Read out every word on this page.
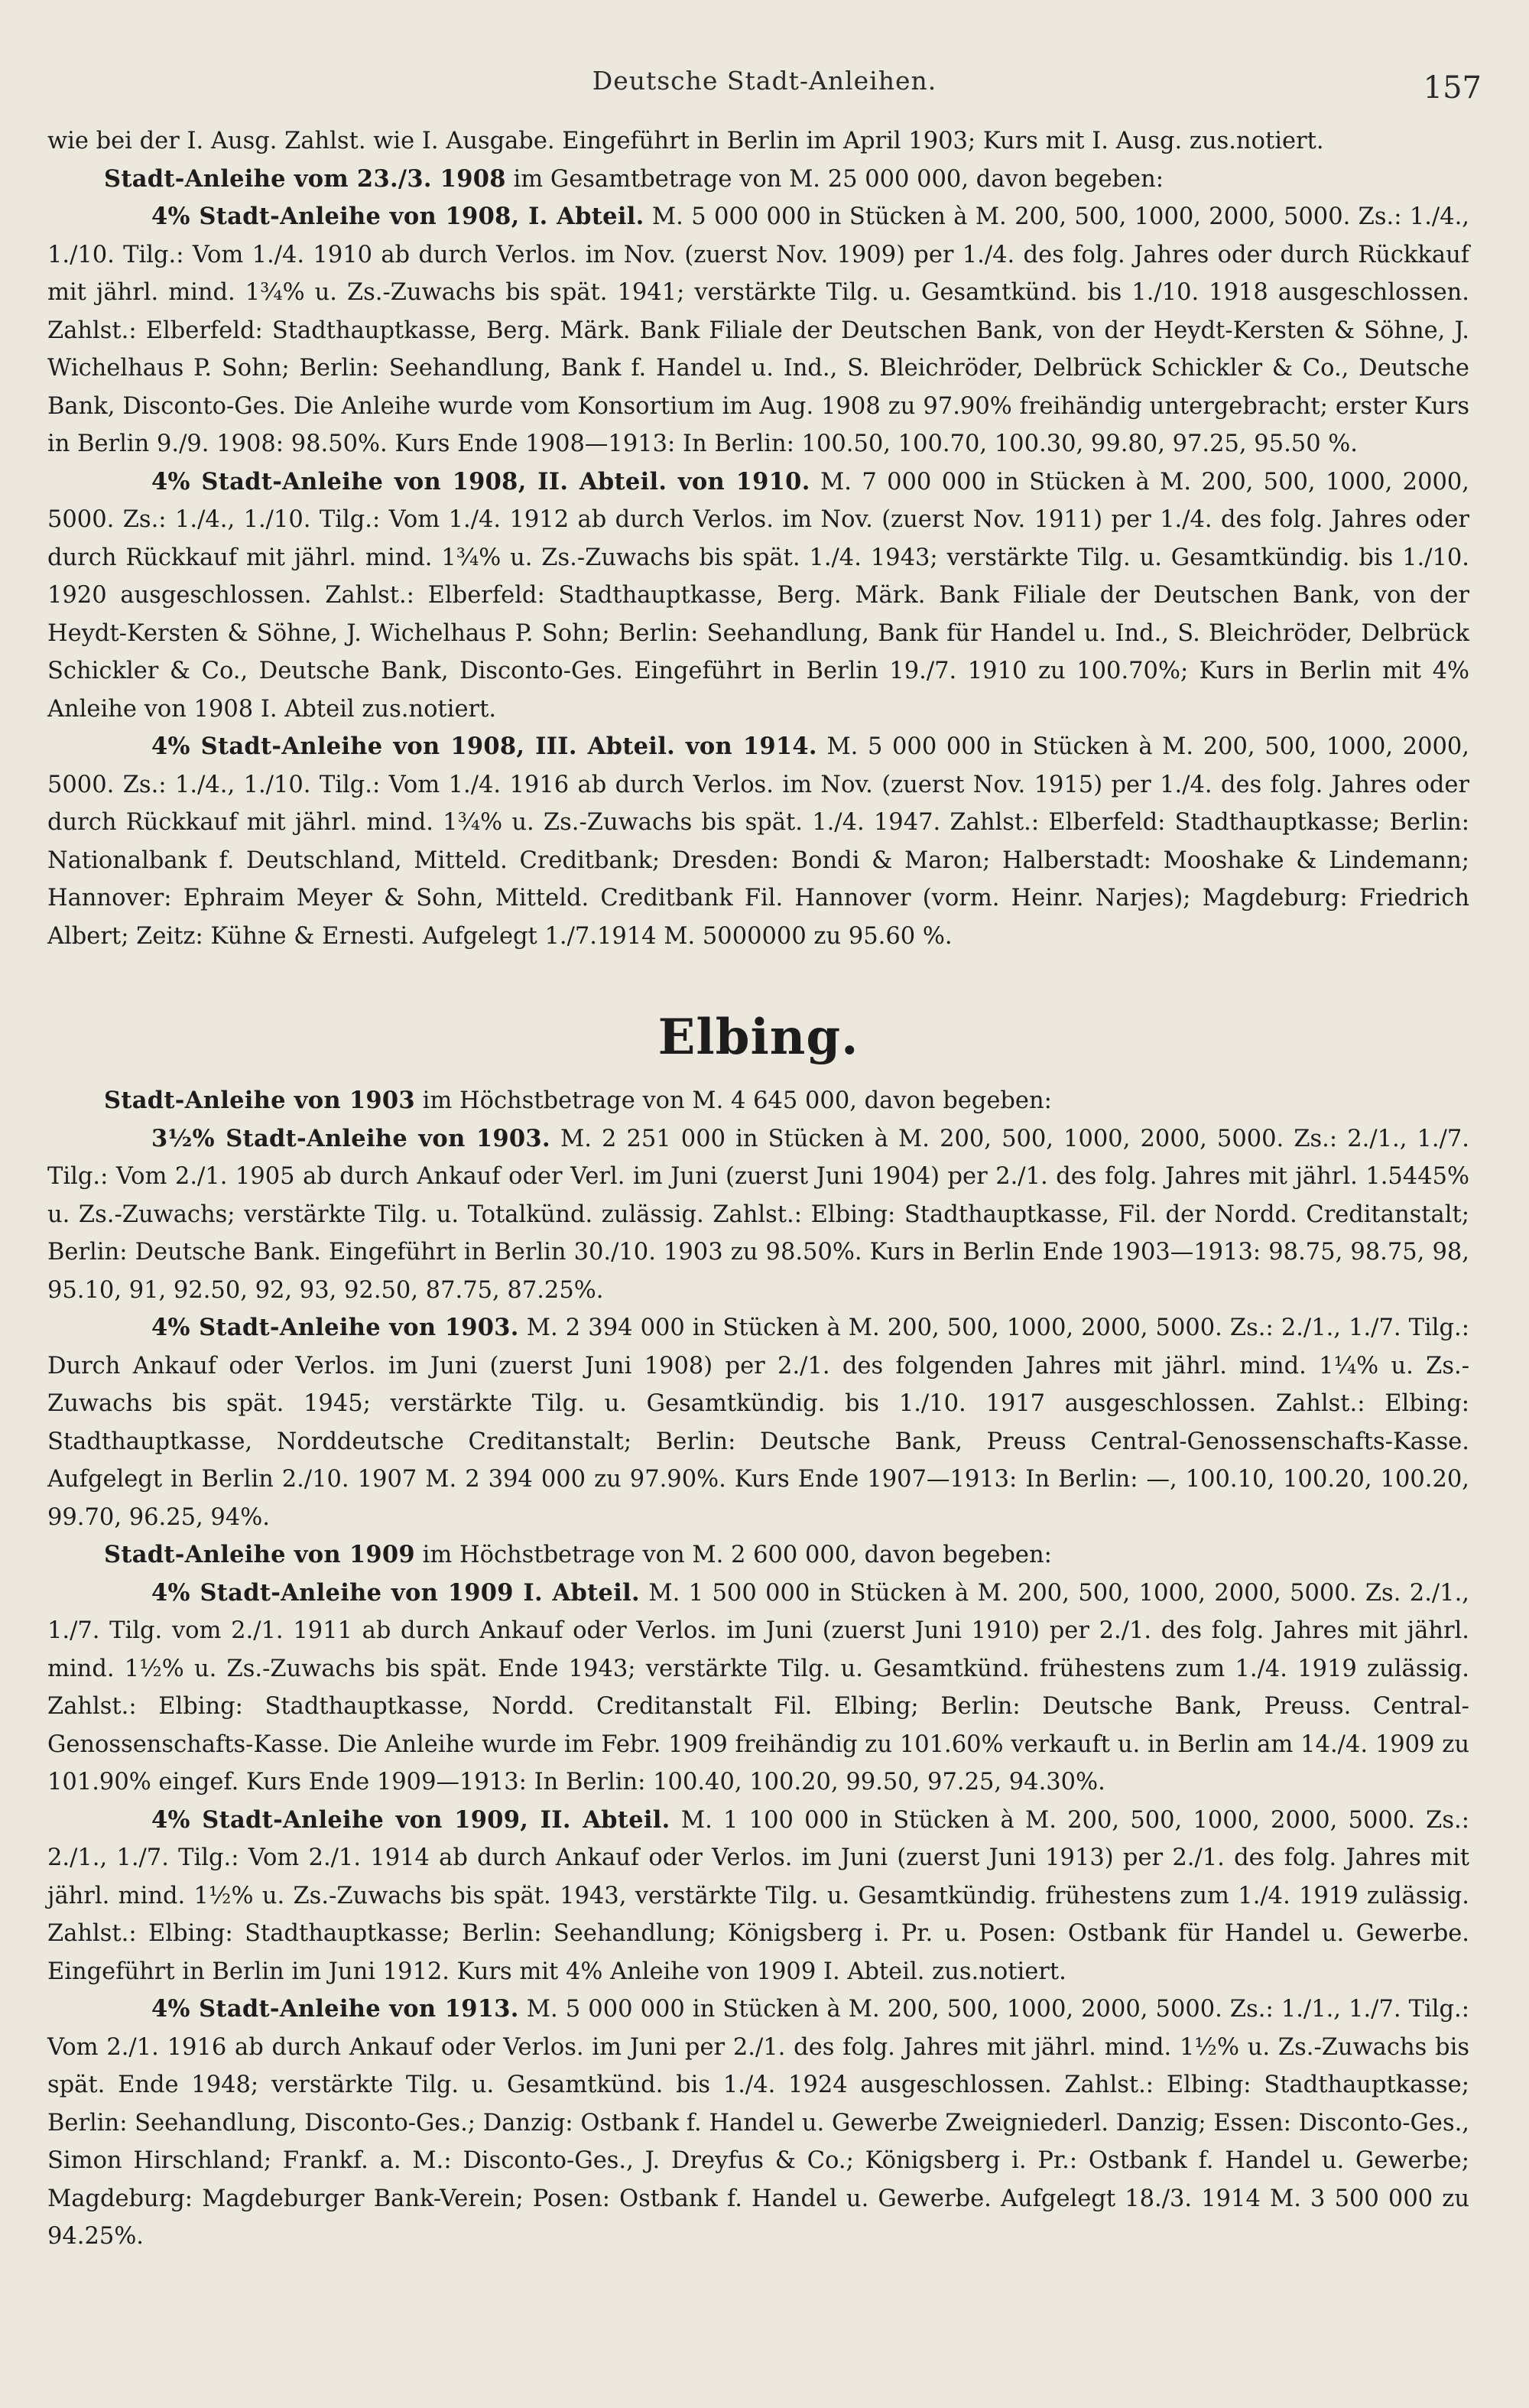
Deutsche Stadt-Anleihen.	157

wie bei der I. Ausg. Zahlst. wie I. Ausgabe. Eingeführt in Berlin im April 1903; Kurs mit I. Ausg. zus.notiert.

Stadt-Anleihe vom 23./3. 1908 im Gesamtbetrage von M. 25 000 000, davon begeben:

4% Stadt-Anleihe von 1908, I. Abteil. M. 5 000 000 in Stücken à M. 200, 500, 1000, 2000, 5000. Zs.: 1./4., 1./10. Tilg.: Vom 1./4. 1910 ab durch Verlos. im Nov. (zuerst Nov. 1909) per 1./4. des folg. Jahres oder durch Rückkauf mit jährl. mind. 1¾% u. Zs.-Zuwachs bis spät. 1941; verstärkte Tilg. u. Gesamtkünd. bis 1./10. 1918 ausgeschlossen. Zahlst.: Elberfeld: Stadthauptkasse, Berg. Märk. Bank Filiale der Deutschen Bank, von der Heydt-Kersten & Söhne, J. Wichelhaus P. Sohn; Berlin: Seehandlung, Bank f. Handel u. Ind., S. Bleichröder, Delbrück Schickler & Co., Deutsche Bank, Disconto-Ges. Die Anleihe wurde vom Konsortium im Aug. 1908 zu 97.90% freihändig untergebracht; erster Kurs in Berlin 9./9. 1908: 98.50%. Kurs Ende 1908—1913: In Berlin: 100.50, 100.70, 100.30, 99.80, 97.25, 95.50 %.

4% Stadt-Anleihe von 1908, II. Abteil. von 1910. M. 7 000 000 in Stücken à M. 200, 500, 1000, 2000, 5000. Zs.: 1./4., 1./10. Tilg.: Vom 1./4. 1912 ab durch Verlos. im Nov. (zuerst Nov. 1911) per 1./4. des folg. Jahres oder durch Rückkauf mit jährl. mind. 1¾% u. Zs.-Zuwachs bis spät. 1./4. 1943; verstärkte Tilg. u. Gesamtkündig. bis 1./10. 1920 ausgeschlossen. Zahlst.: Elberfeld: Stadthauptkasse, Berg. Märk. Bank Filiale der Deutschen Bank, von der Heydt-Kersten & Söhne, J. Wichelhaus P. Sohn; Berlin: Seehandlung, Bank für Handel u. Ind., S. Bleichröder, Delbrück Schickler & Co., Deutsche Bank, Disconto-Ges. Eingeführt in Berlin 19./7. 1910 zu 100.70%; Kurs in Berlin mit 4% Anleihe von 1908 I. Abteil zus.notiert.

4% Stadt-Anleihe von 1908, III. Abteil. von 1914. M. 5 000 000 in Stücken à M. 200, 500, 1000, 2000, 5000. Zs.: 1./4., 1./10. Tilg.: Vom 1./4. 1916 ab durch Verlos. im Nov. (zuerst Nov. 1915) per 1./4. des folg. Jahres oder durch Rückkauf mit jährl. mind. 1¾% u. Zs.-Zuwachs bis spät. 1./4. 1947. Zahlst.: Elberfeld: Stadthauptkasse; Berlin: Nationalbank f. Deutschland, Mitteld. Creditbank; Dresden: Bondi & Maron; Halberstadt: Mooshake & Lindemann; Hannover: Ephraim Meyer & Sohn, Mitteld. Creditbank Fil. Hannover (vorm. Heinr. Narjes); Magdeburg: Friedrich Albert; Zeitz: Kühne & Ernesti. Aufgelegt 1./7.1914 M. 5000000 zu 95.60 %.

Elbing.

Stadt-Anleihe von 1903 im Höchstbetrage von M. 4 645 000, davon begeben:

3½% Stadt-Anleihe von 1903. M. 2 251 000 in Stücken à M. 200, 500, 1000, 2000, 5000. Zs.: 2./1., 1./7. Tilg.: Vom 2./1. 1905 ab durch Ankauf oder Verl. im Juni (zuerst Juni 1904) per 2./1. des folg. Jahres mit jährl. 1.5445% u. Zs.-Zuwachs; verstärkte Tilg. u. Totalkünd. zulässig. Zahlst.: Elbing: Stadthauptkasse, Fil. der Nordd. Creditanstalt; Berlin: Deutsche Bank. Eingeführt in Berlin 30./10. 1903 zu 98.50%. Kurs in Berlin Ende 1903—1913: 98.75, 98.75, 98, 95.10, 91, 92.50, 92, 93, 92.50, 87.75, 87.25%.

4% Stadt-Anleihe von 1903. M. 2 394 000 in Stücken à M. 200, 500, 1000, 2000, 5000. Zs.: 2./1., 1./7. Tilg.: Durch Ankauf oder Verlos. im Juni (zuerst Juni 1908) per 2./1. des folgenden Jahres mit jährl. mind. 1¼% u. Zs.-Zuwachs bis spät. 1945; verstärkte Tilg. u. Gesamtkündig. bis 1./10. 1917 ausgeschlossen. Zahlst.: Elbing: Stadthauptkasse, Norddeutsche Creditanstalt; Berlin: Deutsche Bank, Preuss Central-Genossenschafts-Kasse. Aufgelegt in Berlin 2./10. 1907 M. 2 394 000 zu 97.90%. Kurs Ende 1907—1913: In Berlin: —, 100.10, 100.20, 100.20, 99.70, 96.25, 94%.

Stadt-Anleihe von 1909 im Höchstbetrage von M. 2 600 000, davon begeben:

4% Stadt-Anleihe von 1909 I. Abteil. M. 1 500 000 in Stücken à M. 200, 500, 1000, 2000, 5000. Zs. 2./1., 1./7. Tilg. vom 2./1. 1911 ab durch Ankauf oder Verlos. im Juni (zuerst Juni 1910) per 2./1. des folg. Jahres mit jährl. mind. 1½% u. Zs.-Zuwachs bis spät. Ende 1943; verstärkte Tilg. u. Gesamtkünd. frühestens zum 1./4. 1919 zulässig. Zahlst.: Elbing: Stadthauptkasse, Nordd. Creditanstalt Fil. Elbing; Berlin: Deutsche Bank, Preuss. Central-Genossenschafts-Kasse. Die Anleihe wurde im Febr. 1909 freihändig zu 101.60% verkauft u. in Berlin am 14./4. 1909 zu 101.90% eingef. Kurs Ende 1909—1913: In Berlin: 100.40, 100.20, 99.50, 97.25, 94.30%.

4% Stadt-Anleihe von 1909, II. Abteil. M. 1 100 000 in Stücken à M. 200, 500, 1000, 2000, 5000. Zs.: 2./1., 1./7. Tilg.: Vom 2./1. 1914 ab durch Ankauf oder Verlos. im Juni (zuerst Juni 1913) per 2./1. des folg. Jahres mit jährl. mind. 1½% u. Zs.-Zuwachs bis spät. 1943, verstärkte Tilg. u. Gesamtkündig. frühestens zum 1./4. 1919 zulässig. Zahlst.: Elbing: Stadthauptkasse; Berlin: Seehandlung; Königsberg i. Pr. u. Posen: Ostbank für Handel u. Gewerbe. Eingeführt in Berlin im Juni 1912. Kurs mit 4% Anleihe von 1909 I. Abteil. zus.notiert.

4% Stadt-Anleihe von 1913. M. 5 000 000 in Stücken à M. 200, 500, 1000, 2000, 5000. Zs.: 1./1., 1./7. Tilg.: Vom 2./1. 1916 ab durch Ankauf oder Verlos. im Juni per 2./1. des folg. Jahres mit jährl. mind. 1½% u. Zs.-Zuwachs bis spät. Ende 1948; verstärkte Tilg. u. Gesamtkünd. bis 1./4. 1924 ausgeschlossen. Zahlst.: Elbing: Stadthauptkasse; Berlin: Seehandlung, Disconto-Ges.; Danzig: Ostbank f. Handel u. Gewerbe Zweigniederl. Danzig; Essen: Disconto-Ges., Simon Hirschland; Frankf. a. M.: Disconto-Ges., J. Dreyfus & Co.; Königsberg i. Pr.: Ostbank f. Handel u. Gewerbe; Magdeburg: Magdeburger Bank-Verein; Posen: Ostbank f. Handel u. Gewerbe. Aufgelegt 18./3. 1914 M. 3 500 000 zu 94.25%.
